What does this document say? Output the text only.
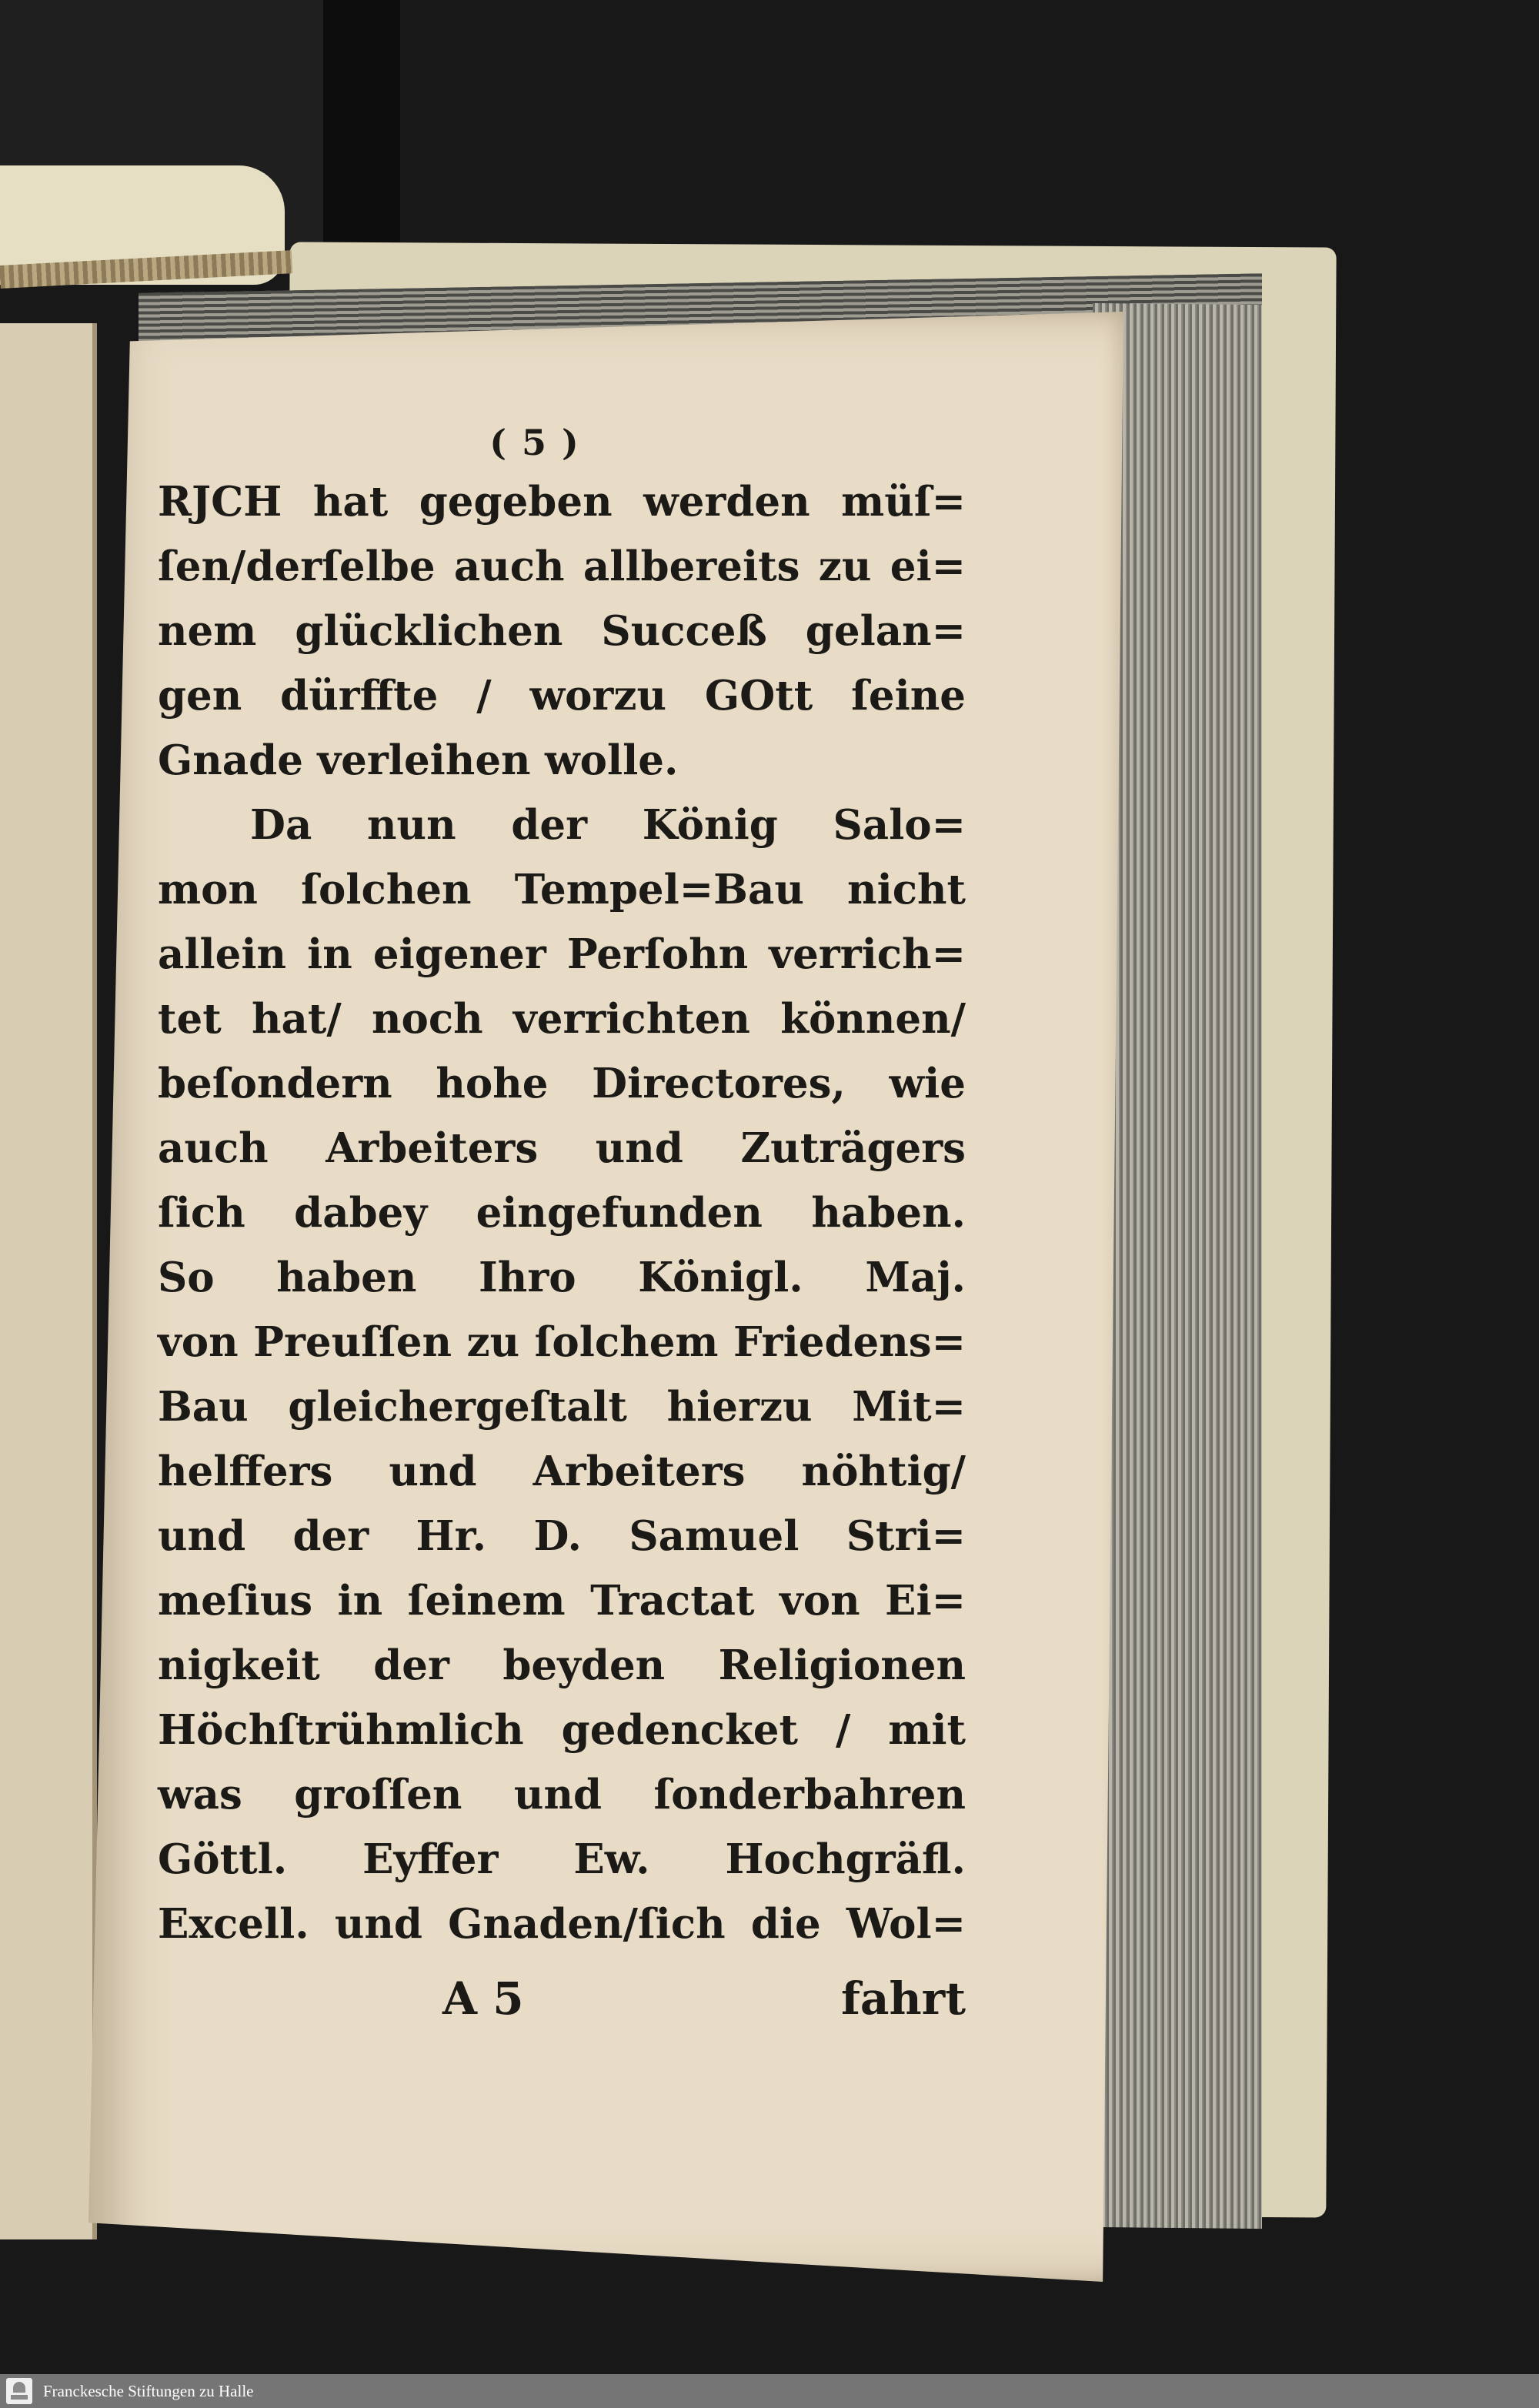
( 5 )
RJCH hat gegeben werden müſ=
ſen/derſelbe auch allbereits zu ei=
nem glücklichen Succeß gelan=
gen dürffte / worzu GOtt ſeine
Gnade verleihen wolle.
Da nun der König Salo=
mon ſolchen Tempel=Bau nicht
allein in eigener Perſohn verrich=
tet hat/ noch verrichten können/
beſondern hohe Directores, wie
auch Arbeiters und Zuträgers
ſich dabey eingefunden haben.
So haben Ihro Königl. Maj.
von Preuſſen zu ſolchem Friedens=
Bau gleichergeſtalt hierzu Mit=
helffers und Arbeiters nöhtig/
und der Hr. D. Samuel Stri=
meſius in ſeinem Tractat von Ei=
nigkeit der beyden Religionen
Höchſtrühmlich gedencket / mit
was groſſen und ſonderbahren
Göttl. Eyffer Ew. Hochgräfl.
Excell. und Gnaden/ſich die Wol=
A 5	fahrt
Franckesche Stiftungen zu Halle
